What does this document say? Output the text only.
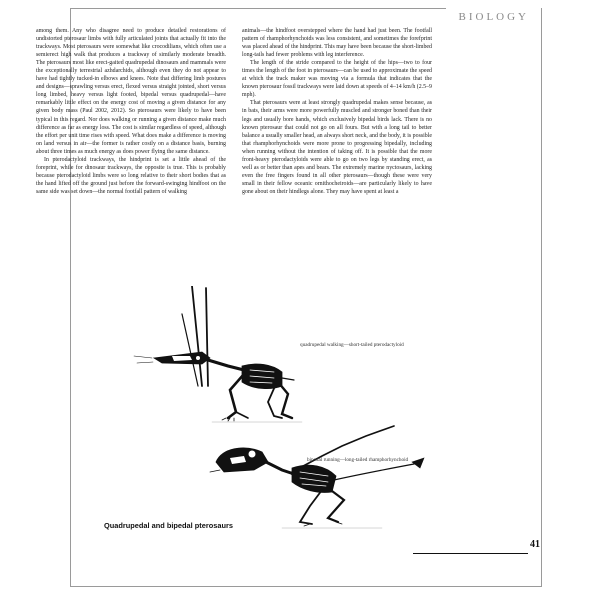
BIOLOGY

among them. Any who disagree need to produce detailed restorations of undistorted pterosaur limbs with fully articulated joints that actually fit into the trackways. Most pterosaurs were somewhat like crocodilians, which often use a semierect high walk that produces a trackway of similarly moderate breadth. The pterosaurs most like erect-gaited quadrupedal dinosaurs and mammals were the exceptionally terrestrial azhdarchids, although even they do not appear to have had tightly tucked-in elbows and knees. Note that differing limb postures and designs—sprawling versus erect, flexed versus straight jointed, short versus long limbed, heavy versus light footed, bipedal versus quadrupedal—have remarkably little effect on the energy cost of moving a given distance for any given body mass (Paul 2002, 2012). So pterosaurs were likely to have been typical in this regard. Nor does walking or running a given distance make much difference as far as energy loss. The cost is similar regardless of speed, although the effort per unit time rises with speed. What does make a difference is moving on land versus in air—the former is rather costly on a distance basis, burning about three times as much energy as does power flying the same distance.

In pterodactyloid trackways, the hindprint is set a little ahead of the foreprint, while for dinosaur trackways, the opposite is true. This is probably because pterodactyloid limbs were so long relative to their short bodies that as the hand lifted off the ground just before the forward-swinging hindfoot on the same side was set down—the normal footfall pattern of walking

animals—the hindfoot overstepped where the hand had just been. The footfall pattern of rhamphorhynchoids was less consistent, and sometimes the forefprint was placed ahead of the hindprint. This may have been because the short-limbed long-tails had fewer problems with leg interference.

The length of the stride compared to the height of the hips—two to four times the length of the foot in pterosaurs—can be used to approximate the speed at which the track maker was moving via a formula that indicates that the known pterosaur fossil trackways were laid down at speeds of 4–14 km/h (2.5–9 mph).

That pterosaurs were at least strongly quadrupedal makes sense because, as in bats, their arms were more powerfully muscled and stronger boned than their legs and usually bore hands, which exclusively bipedal birds lack. There is no known pterosaur that could not go on all fours. But with a long tail to better balance a usually smaller head, an always short neck, and the body, it is possible that rhamphorhynchoids were more prone to progressing bipedally, including when running without the intention of taking off. It is possible that the more front-heavy pterodactyloids were able to go on two legs by standing erect, as well as or better than apes and bears. The extremely marine nyctosaurs, lacking even the free fingers found in all other pterosaurs—though these were very small in their fellow oceanic ornithocheiroids—are particularly likely to have gone about on their hindlegs alone. They may have spent at least a

quadrupedal walking—short-tailed pterodactyloid
bipedal running—long-tailed rhamphorhynchoid
Quadrupedal and bipedal pterosaurs
41
